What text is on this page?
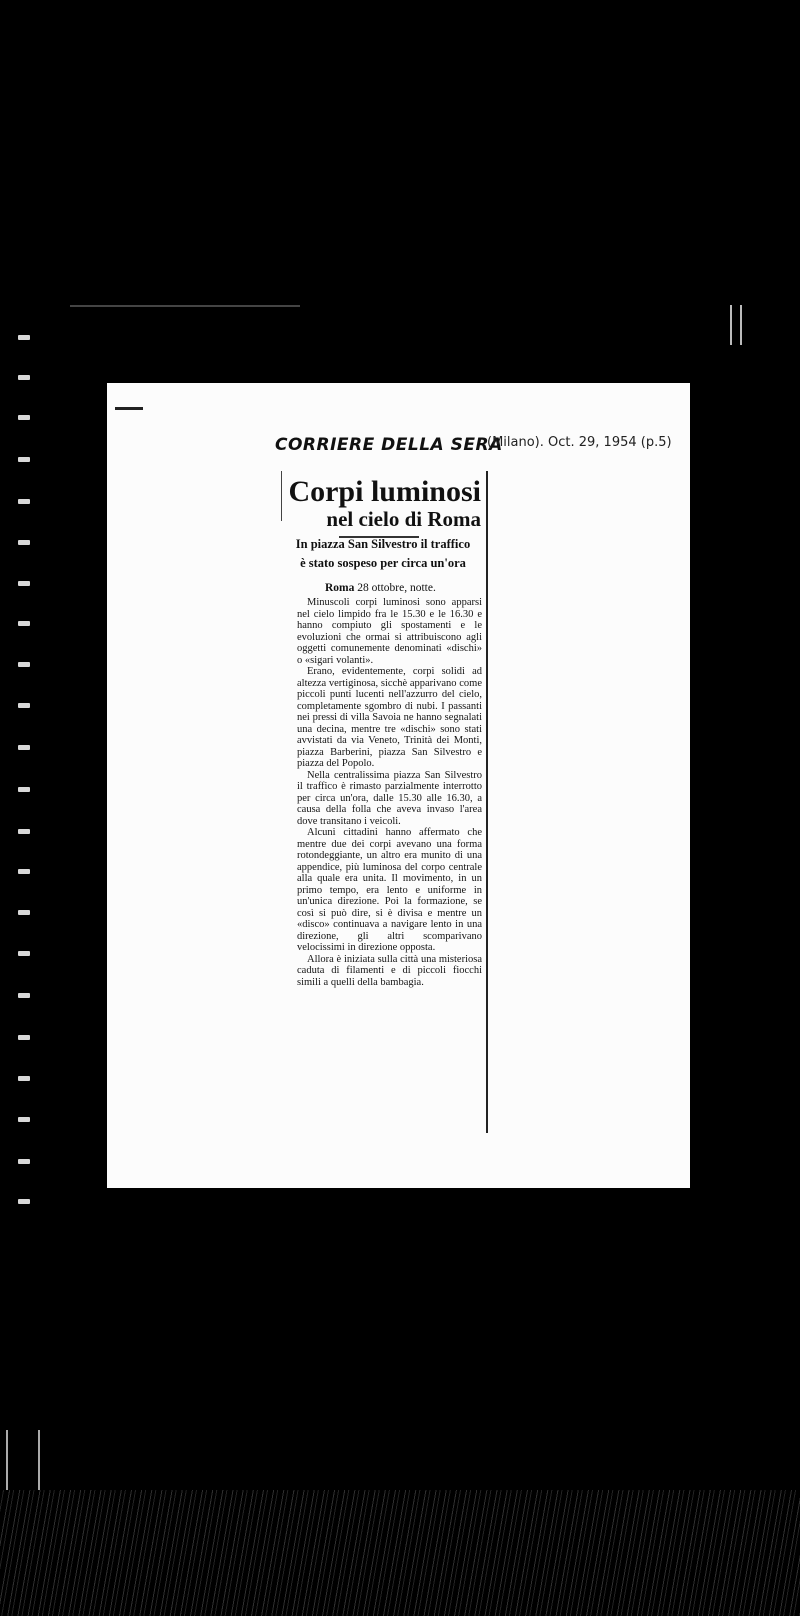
CORRIERE DELLA SERA
(Milano). Oct. 29, 1954 (p.5)
Corpi luminosi
nel cielo di Roma
In piazza San Silvestro il traffico è stato sospeso per circa un'ora
Roma 28 ottobre, notte.

Minuscoli corpi luminosi sono apparsi nel cielo limpido fra le 15.30 e le 16.30 e hanno compiuto gli spostamenti e le evoluzioni che ormai si attribuiscono agli oggetti comunemente denominati «dischi» o «sigari volanti».

Erano, evidentemente, corpi solidi ad altezza vertiginosa, sicchè apparivano come piccoli punti lucenti nell'azzurro del cielo, completamente sgombro di nubi. I passanti nei pressi di villa Savoia ne hanno segnalati una decina, mentre tre «dischi» sono stati avvistati da via Veneto, Trinità dei Monti, piazza Barberini, piazza San Silvestro e piazza del Popolo.

Nella centralissima piazza San Silvestro il traffico è rimasto parzialmente interrotto per circa un'ora, dalle 15.30 alle 16.30, a causa della folla che aveva invaso l'area dove transitano i veicoli.

Alcuni cittadini hanno affermato che mentre due dei corpi avevano una forma rotondeggiante, un altro era munito di una appendice, più luminosa del corpo centrale alla quale era unita. Il movimento, in un primo tempo, era lento e uniforme in un'unica direzione. Poi la formazione, se così si può dire, si è divisa e mentre un «disco» continuava a navigare lento in una direzione, gli altri scomparivano velocissimi in direzione opposta.

Allora è iniziata sulla città una misteriosa caduta di filamenti e di piccoli fiocchi simili a quelli della bambagia.
